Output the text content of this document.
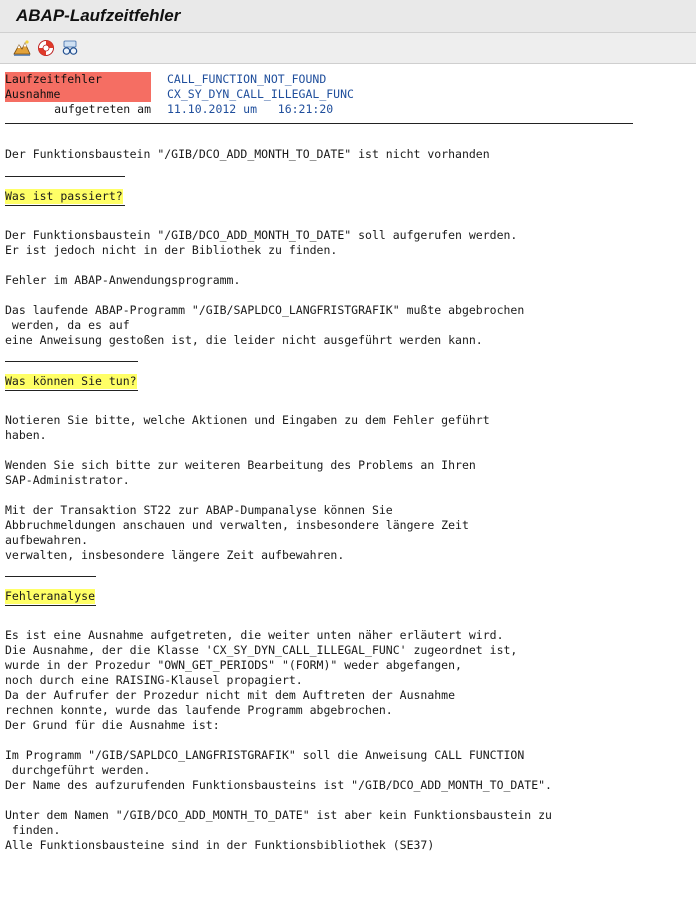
ABAP-Laufzeitfehler
Laufzeitfehler	CALL_FUNCTION_NOT_FOUND
Ausnahme	CX_SY_DYN_CALL_ILLEGAL_FUNC
aufgetreten am 11.10.2012 um   16:21:20
Der Funktionsbaustein "/GIB/DCO_ADD_MONTH_TO_DATE" ist nicht vorhanden
Was ist passiert?
Der Funktionsbaustein "/GIB/DCO_ADD_MONTH_TO_DATE" soll aufgerufen werden.
Er ist jedoch nicht in der Bibliothek zu finden.
Fehler im ABAP-Anwendungsprogramm.
Das laufende ABAP-Programm "/GIB/SAPLDCO_LANGFRISTGRAFIK" mußte abgebrochen
werden, da es auf
eine Anweisung gestoßen ist, die leider nicht ausgeführt werden kann.
Was können Sie tun?
Notieren Sie bitte, welche Aktionen und Eingaben zu dem Fehler geführt
haben.
Wenden Sie sich bitte zur weiteren Bearbeitung des Problems an Ihren
SAP-Administrator.
Mit der Transaktion ST22 zur ABAP-Dumpanalyse können Sie
Abbruchmeldungen anschauen und verwalten, insbesondere längere Zeit
aufbewahren.
verwalten, insbesondere längere Zeit aufbewahren.
Fehleranalyse
Es ist eine Ausnahme aufgetreten, die weiter unten näher erläutert wird.
Die Ausnahme, der die Klasse 'CX_SY_DYN_CALL_ILLEGAL_FUNC' zugeordnet ist,
wurde in der Prozedur "OWN_GET_PERIODS" "(FORM)" weder abgefangen,
noch durch eine RAISING-Klausel propagiert.
Da der Aufrufer der Prozedur nicht mit dem Auftreten der Ausnahme
rechnen konnte, wurde das laufende Programm abgebrochen.
Der Grund für die Ausnahme ist:
Im Programm "/GIB/SAPLDCO_LANGFRISTGRAFIK" soll die Anweisung CALL FUNCTION
durchgeführt werden.
Der Name des aufzurufenden Funktionsbausteins ist "/GIB/DCO_ADD_MONTH_TO_DATE".
Unter dem Namen "/GIB/DCO_ADD_MONTH_TO_DATE" ist aber kein Funktionsbaustein zu
finden.
Alle Funktionsbausteine sind in der Funktionsbibliothek (SE37)
